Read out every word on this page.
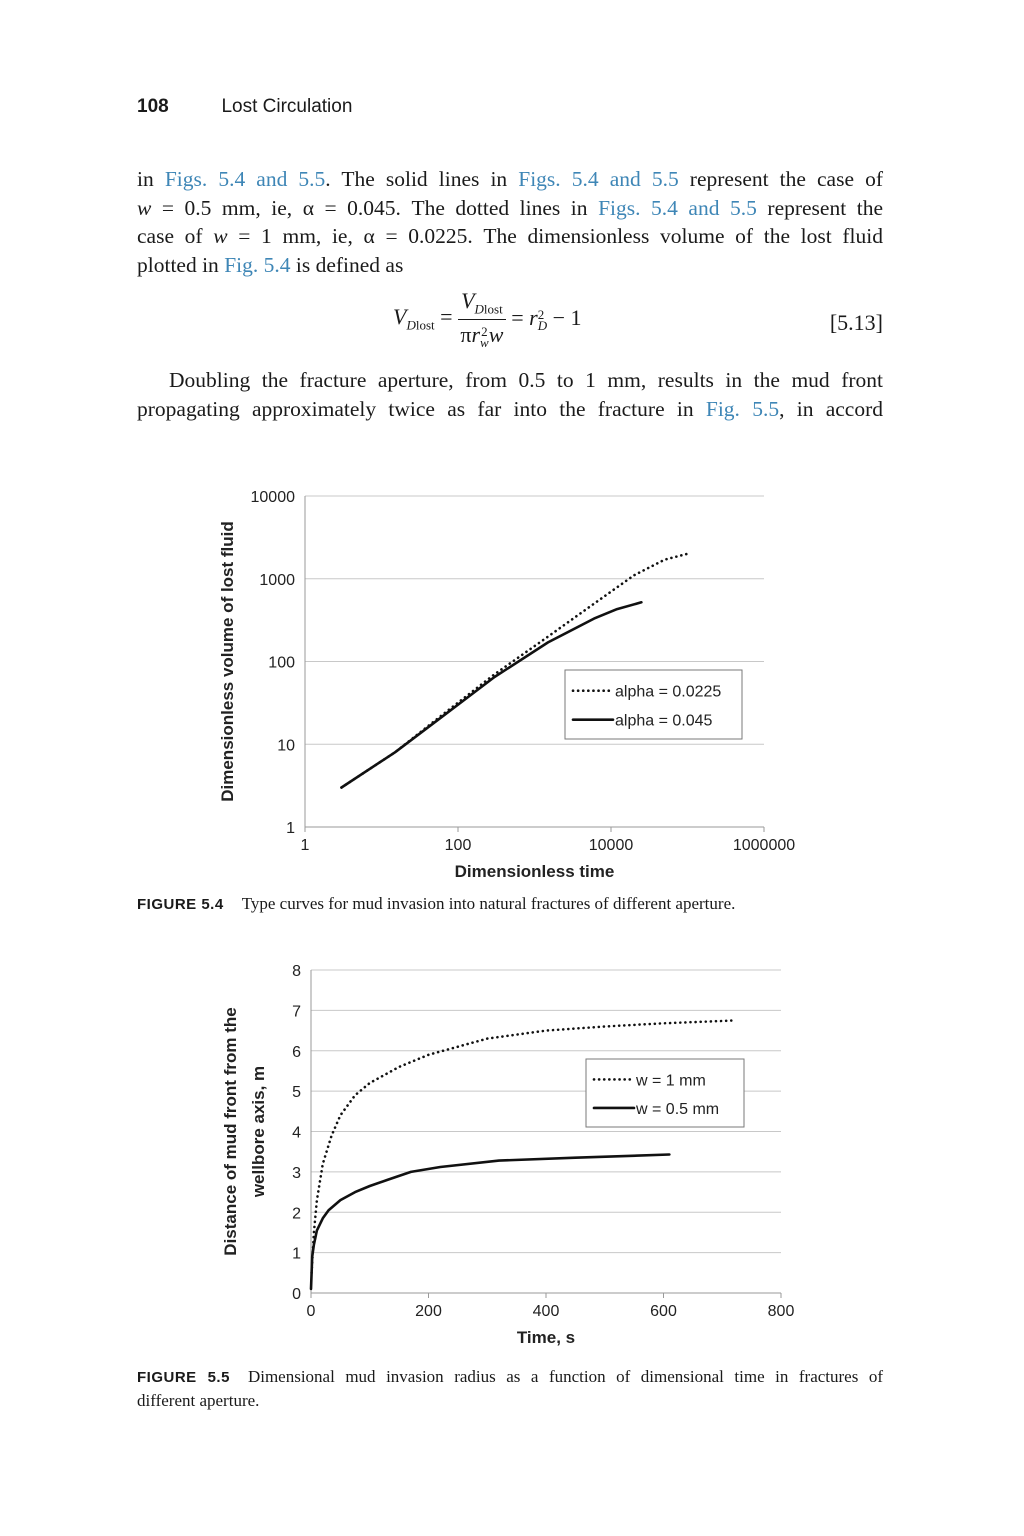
108	Lost Circulation
in Figs. 5.4 and 5.5. The solid lines in Figs. 5.4 and 5.5 represent the case of
w = 0.5 mm, ie, α = 0.045. The dotted lines in Figs. 5.4 and 5.5 represent the
case of w = 1 mm, ie, α = 0.0225. The dimensionless volume of the lost fluid
plotted in Fig. 5.4 is defined as
$V_{Dlost} = V_{Dlost}$
πr 2
w w = r 2
D − 1	[5.13]
Doubling the fracture aperture, from 0.5 to 1 mm, results in the mud front
propagating approximately twice as far into the fracture in Fig. 5.5, in accord
1
10
100
1000
10000
1	100	10000	1000000
Dimensionless time
Dimensionless volume of lost fluid	alpha = 0.0225
alpha = 0.045
FIGURE 5.4 Type curves for mud invasion into natural fractures of different aperture.
0
1
2
3
4
5
6
7
8
0	200	400	600	800
Time, s
Distance of mud front from the wellbore axis, m	w = 1 mm
w = 0.5 mm
FIGURE 5.5 Dimensional mud invasion radius as a function of dimensional time in fractures of
different aperture.
